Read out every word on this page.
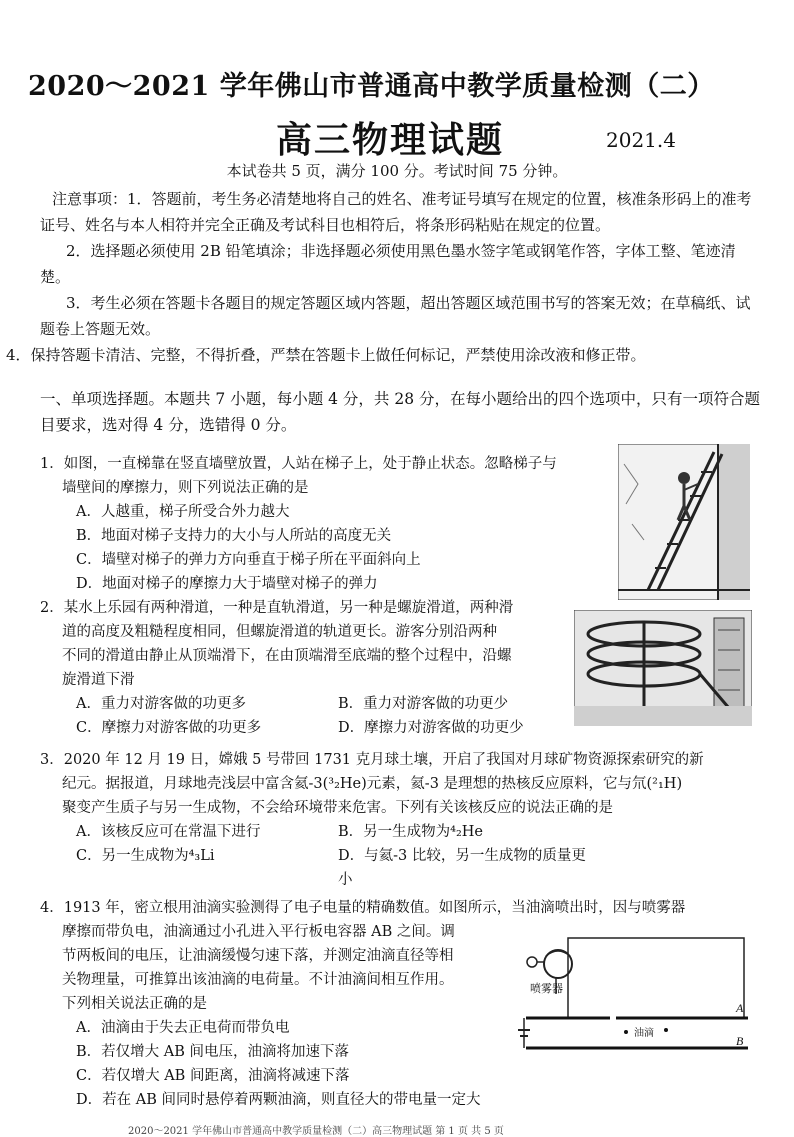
2020～2021 学年佛山市普通高中教学质量检测（二）
高三物理试题	2021.4
本试卷共 5 页，满分 100 分。考试时间 75 分钟。

注意事项：1．答题前，考生务必清楚地将自己的姓名、准考证号填写在规定的位置，核准条形码上的准考证号、姓名与本人相符并完全正确及考试科目也相符后，将条形码粘贴在规定的位置。

2．选择题必须使用 2B 铅笔填涂；非选择题必须使用黑色墨水签字笔或钢笔作答，字体工整、笔迹清楚。

3．考生必须在答题卡各题目的规定答题区域内答题，超出答题区域范围书写的答案无效；在草稿纸、试题卷上答题无效。

4．保持答题卡清洁、完整，不得折叠，严禁在答题卡上做任何标记，严禁使用涂改液和修正带。

一、单项选择题。本题共 7 小题，每小题 4 分，共 28 分，在每小题给出的四个选项中，只有一项符合题目要求，选对得 4 分，选错得 0 分。

1．如图，一直梯靠在竖直墙壁放置，人站在梯子上，处于静止状态。忽略梯子与

墙壁间的摩擦力，则下列说法正确的是

A．人越重，梯子所受合外力越大

B．地面对梯子支持力的大小与人所站的高度无关

C．墙壁对梯子的弹力方向垂直于梯子所在平面斜向上

D．地面对梯子的摩擦力大于墙壁对梯子的弹力

2．某水上乐园有两种滑道，一种是直轨滑道，另一种是螺旋滑道，两种滑

道的高度及粗糙程度相同，但螺旋滑道的轨道更长。游客分别沿两种

不同的滑道由静止从顶端滑下，在由顶端滑至底端的整个过程中，沿螺

旋滑道下滑

A．重力对游客做的功更多	B．重力对游客做的功更少
C．摩擦力对游客做的功更多	D．摩擦力对游客做的功更少

3．2020 年 12 月 19 日，嫦娥 5 号带回 1731 克月球土壤，开启了我国对月球矿物资源探索研究的新

纪元。据报道，月球地壳浅层中富含氦-3(³₂He)元素，氦-3 是理想的热核反应原料，它与氘(²₁H)

聚变产生质子与另一生成物，不会给环境带来危害。下列有关该核反应的说法正确的是

A．该核反应可在常温下进行	B．另一生成物为⁴₂He
C．另一生成物为⁴₃Li	D．与氦-3 比较，另一生成物的质量更小

4．1913 年，密立根用油滴实验测得了电子电量的精确数值。如图所示，当油滴喷出时，因与喷雾器

摩擦而带负电，油滴通过小孔进入平行板电容器 AB 之间。调

节两板间的电压，让油滴缓慢匀速下落，并测定油滴直径等相

关物理量，可推算出该油滴的电荷量。不计油滴间相互作用。

下列相关说法正确的是

A．油滴由于失去正电荷而带负电

B．若仅增大 AB 间电压，油滴将加速下落

C．若仅增大 AB 间距离，油滴将减速下落

D．若在 AB 间同时悬停着两颗油滴，则直径大的带电量一定大

喷雾器
A
B
油滴
2020～2021 学年佛山市普通高中教学质量检测（二）高三物理试题 第 1 页 共 5 页
